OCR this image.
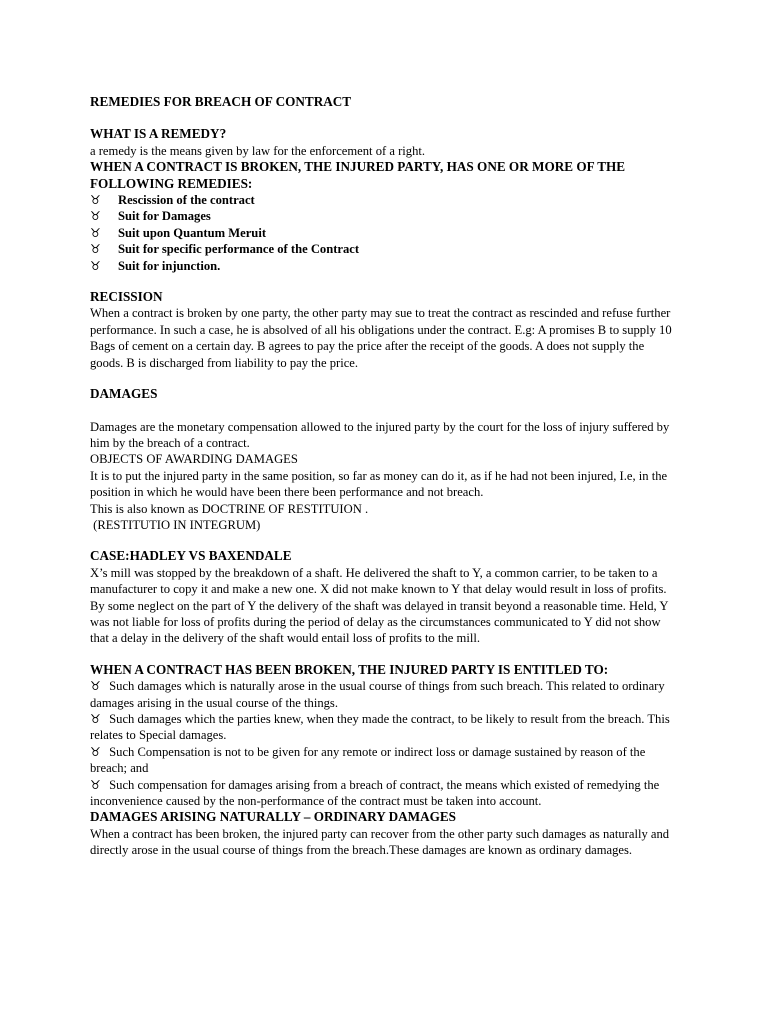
REMEDIES FOR BREACH OF CONTRACT

WHAT IS A REMEDY?

a remedy is the means given by law for the enforcement of a right.

WHEN A CONTRACT IS BROKEN, THE INJURED PARTY, HAS ONE OR MORE OF THE FOLLOWING REMEDIES:

♉ Rescission of the contract
♉ Suit for Damages
♉ Suit upon Quantum Meruit
♉ Suit for specific performance of the Contract
♉ Suit for injunction.

RECISSION

When a contract is broken by one party, the other party may sue to treat the contract as rescinded and refuse further performance. In such a case, he is absolved of all his obligations under the contract. E.g: A promises B to supply 10 Bags of cement on a certain day. B agrees to pay the price after the receipt of the goods. A does not supply the goods. B is discharged from liability to pay the price.

DAMAGES

Damages are the monetary compensation allowed to the injured party by the court for the loss of injury suffered by him by the breach of a contract.

OBJECTS OF AWARDING DAMAGES

It is to put the injured party in the same position, so far as money can do it, as if he had not been injured, I.e, in the position in which he would have been there been performance and not breach.

This is also known as DOCTRINE OF RESTITUION .

(RESTITUTIO IN INTEGRUM)

CASE:HADLEY VS BAXENDALE

X’s mill was stopped by the breakdown of a shaft. He delivered the shaft to Y, a common carrier, to be taken to a manufacturer to copy it and make a new one. X did not make known to Y that delay would result in loss of profits. By some neglect on the part of Y the delivery of the shaft was delayed in transit beyond a reasonable time. Held, Y was not liable for loss of profits during the period of delay as the circumstances communicated to Y did not show that a delay in the delivery of the shaft would entail loss of profits to the mill.

WHEN A CONTRACT HAS BEEN BROKEN, THE INJURED PARTY IS ENTITLED TO:

♉ Such damages which is naturally arose in the usual course of things from such breach. This related to ordinary damages arising in the usual course of the things.
♉ Such damages which the parties knew, when they made the contract, to be likely to result from the breach. This relates to Special damages.
♉ Such Compensation is not to be given for any remote or indirect loss or damage sustained by reason of the breach; and
♉ Such compensation for damages arising from a breach of contract, the means which existed of remedying the inconvenience caused by the non-performance of the contract must be taken into account.

DAMAGES ARISING NATURALLY – ORDINARY DAMAGES

When a contract has been broken, the injured party can recover from the other party such damages as naturally and directly arose in the usual course of things from the breach.These damages are known as ordinary damages.
